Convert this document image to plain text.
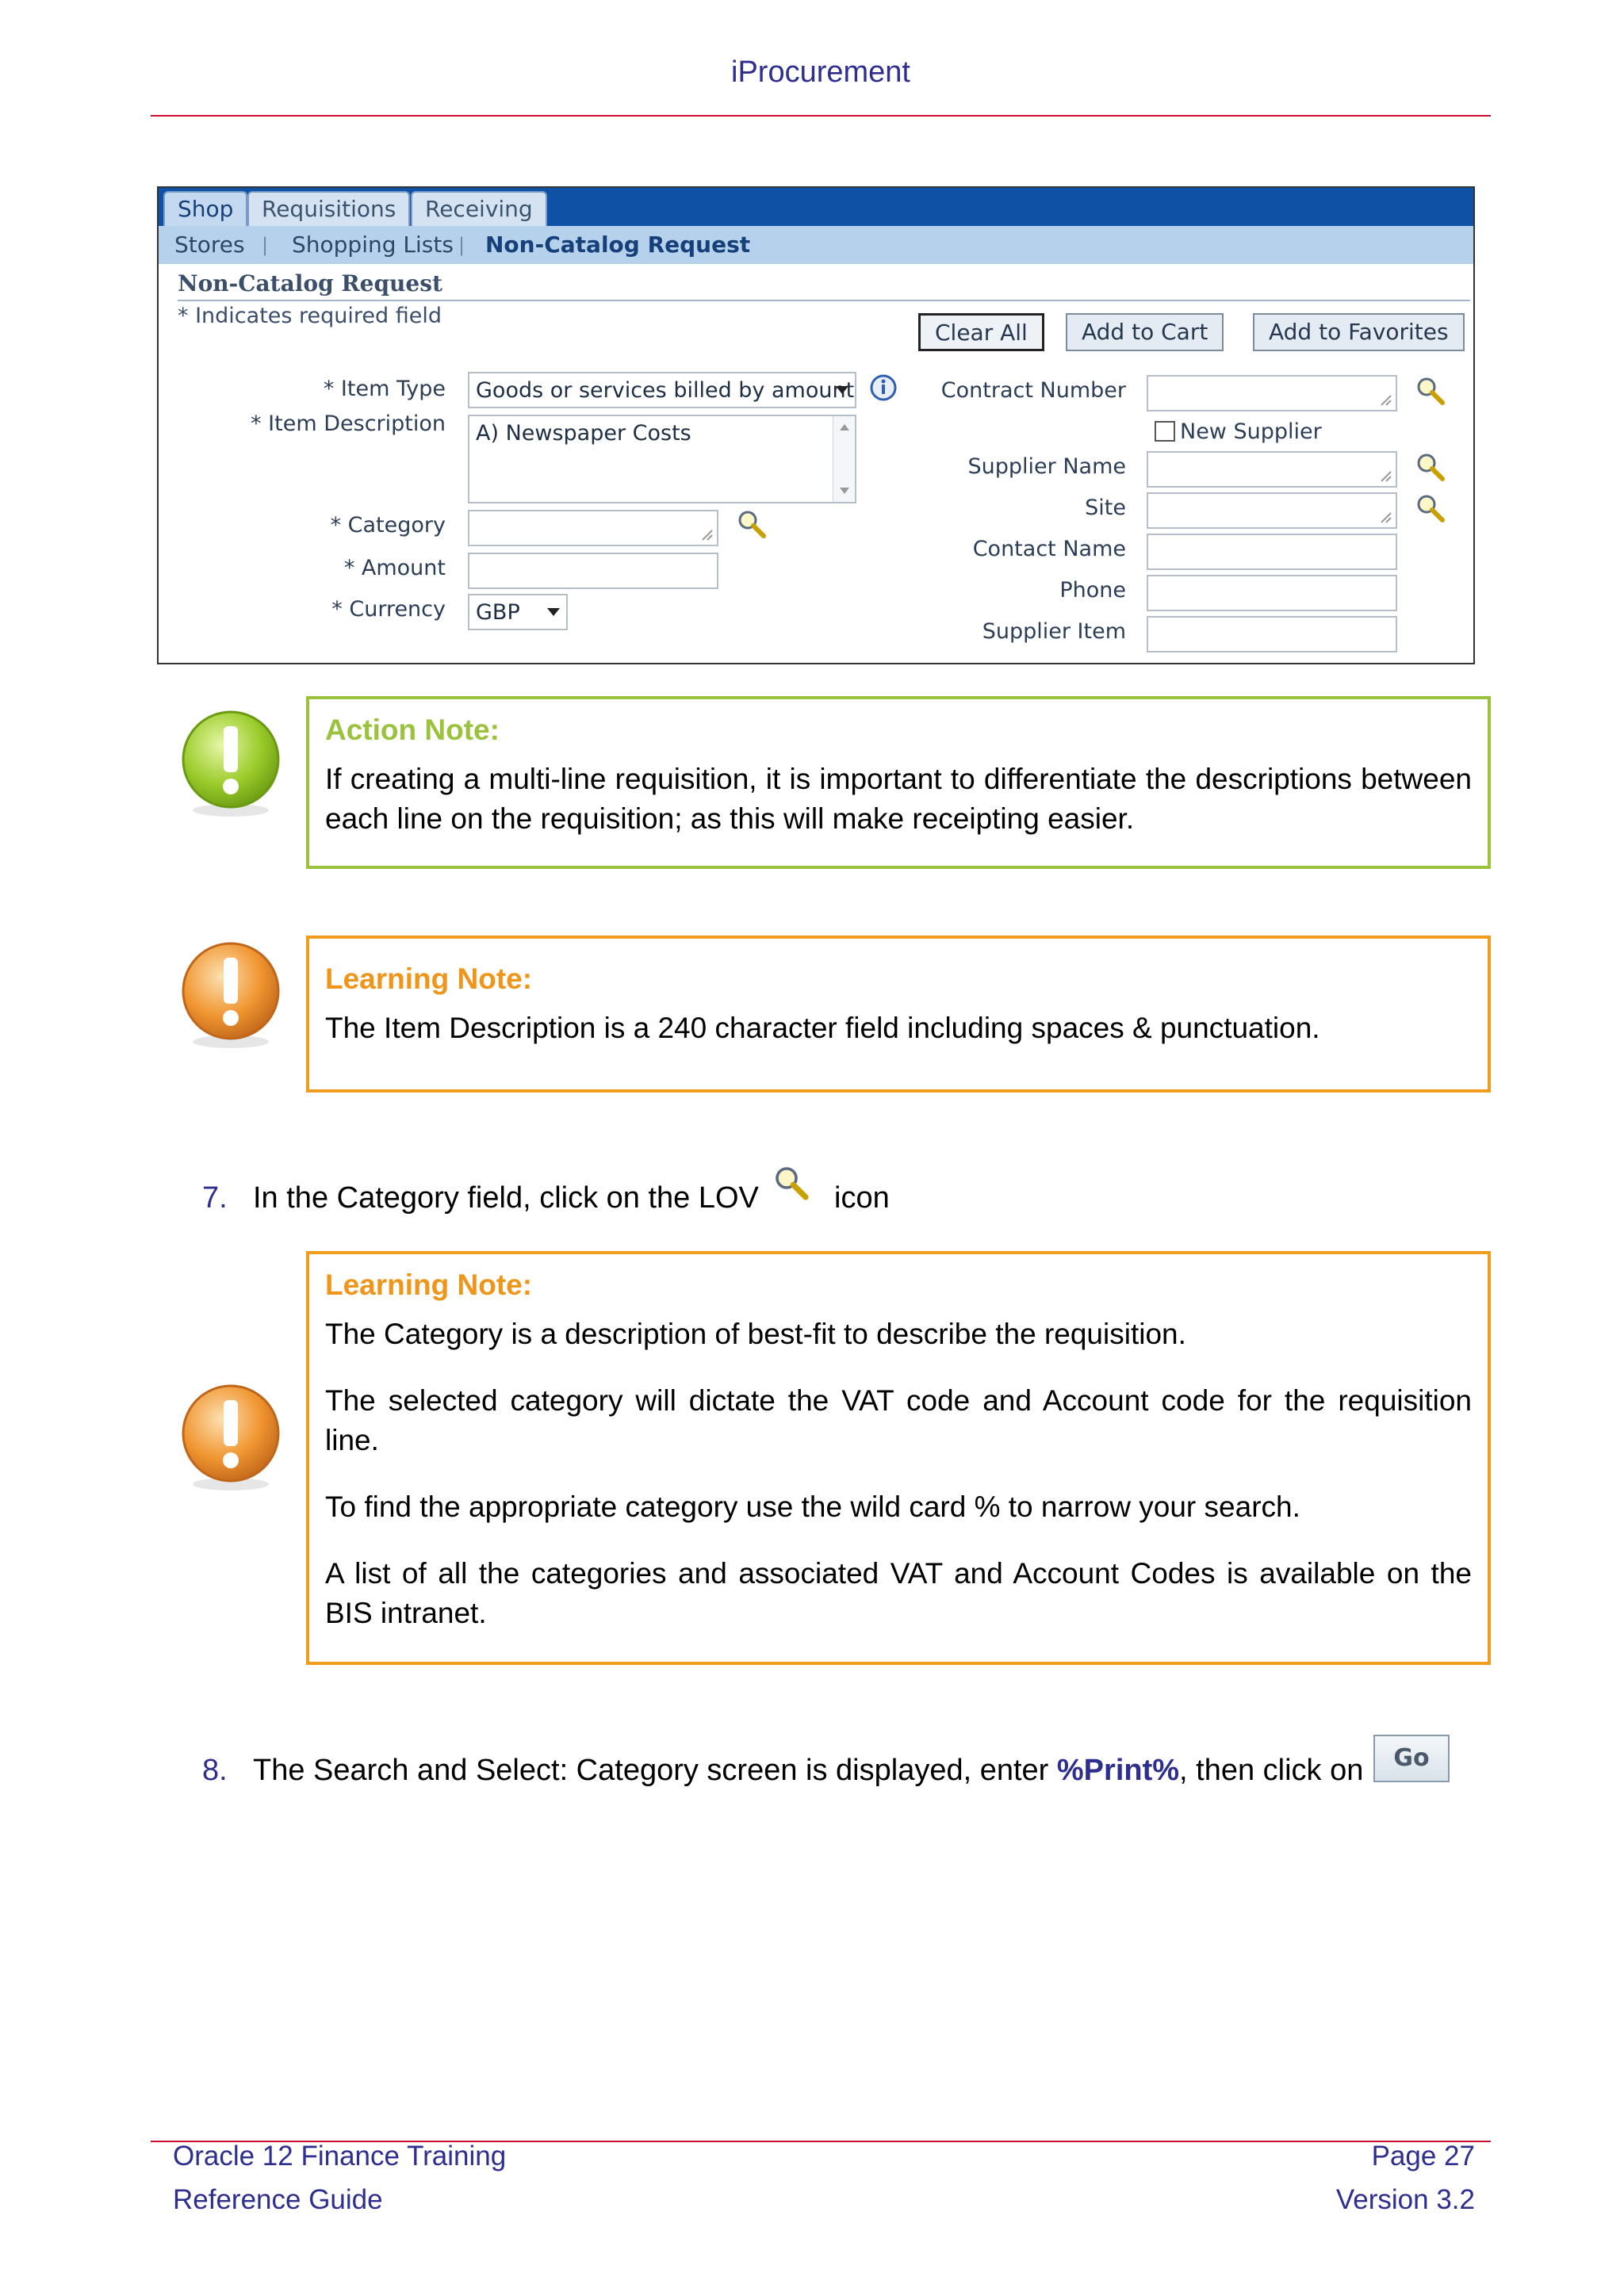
iProcurement
Shop	Requisitions	Receiving
Stores | Shopping Lists | Non-Catalog Request
Non-Catalog Request
* Indicates required field
Clear All	Add to Cart	Add to Favorites
* Item Type	Goods or services billed by amount
* Item Description	A) Newspaper Costs
* Category
* Amount
* Currency	GBP
Contract Number
New Supplier
Supplier Name
Site
Contact Name
Phone
Supplier Item
Action Note:
If creating a multi-line requisition, it is important to differentiate the descriptions between each line on the requisition; as this will make receipting easier.
Learning Note:
The Item Description is a 240 character field including spaces & punctuation.
7. In the Category field, click on the LOV	icon
Learning Note:
The Category is a description of best-fit to describe the requisition.
The selected category will dictate the VAT code and Account code for the requisition line.
To find the appropriate category use the wild card % to narrow your search.
A list of all the categories and associated VAT and Account Codes is available on the BIS intranet.
8. The Search and Select: Category screen is displayed, enter %Print%, then click on	Go
Oracle 12 Finance Training
Reference Guide
Page 27
Version 3.2
